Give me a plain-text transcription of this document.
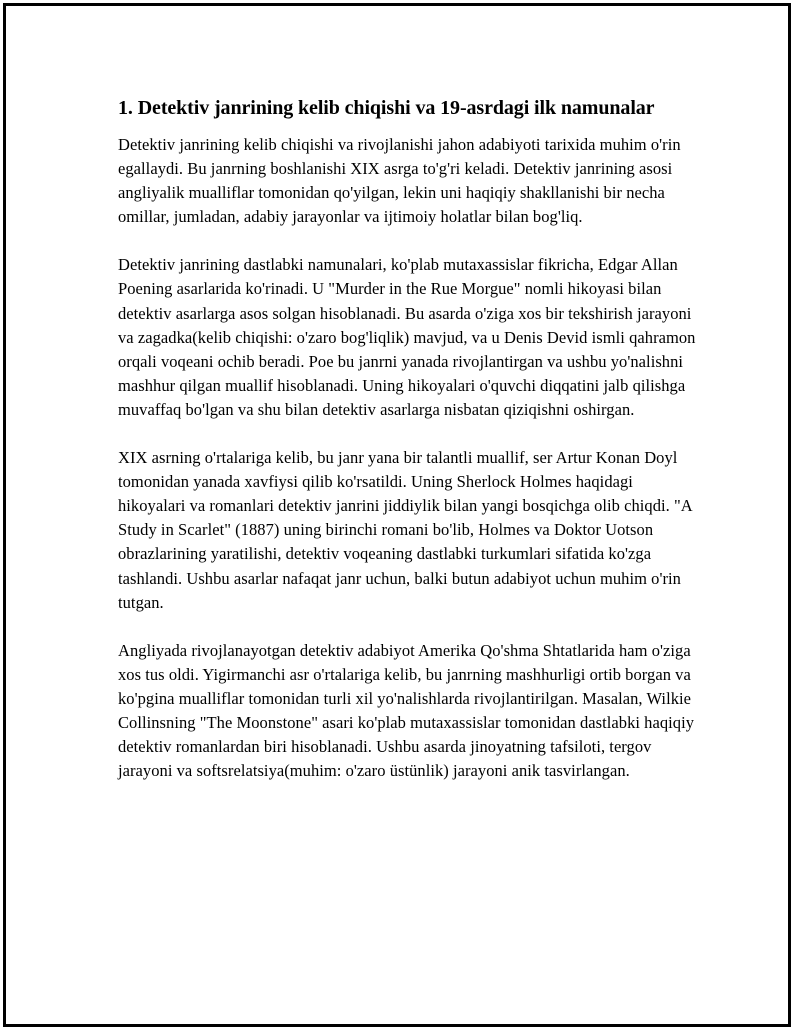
1. Detektiv janrining kelib chiqishi va 19-asrdagi ilk namunalar

Detektiv janrining kelib chiqishi va rivojlanishi jahon adabiyoti tarixida muhim o'rin egallaydi. Bu janrning boshlanishi XIX asrga to'g'ri keladi. Detektiv janrining asosi angliyalik mualliflar tomonidan qo'yilgan, lekin uni haqiqiy shakllanishi bir necha omillar, jumladan, adabiy jarayonlar va ijtimoiy holatlar bilan bog'liq.

Detektiv janrining dastlabki namunalari, ko'plab mutaxassislar fikricha, Edgar Allan Poening asarlarida ko'rinadi. U "Murder in the Rue Morgue" nomli hikoyasi bilan detektiv asarlarga asos solgan hisoblanadi. Bu asarda o'ziga xos bir tekshirish jarayoni va zagadka(kelib chiqishi: o'zaro bog'liqlik) mavjud, va u Denis Devid ismli qahramon orqali voqeani ochib beradi. Poe bu janrni yanada rivojlantirgan va ushbu yo'nalishni mashhur qilgan muallif hisoblanadi. Uning hikoyalari o'quvchi diqqatini jalb qilishga muvaffaq bo'lgan va shu bilan detektiv asarlarga nisbatan qiziqishni oshirgan.

XIX asrning o'rtalariga kelib, bu janr yana bir talantli muallif, ser Artur Konan Doyl tomonidan yanada xavfiysi qilib ko'rsatildi. Uning Sherlock Holmes haqidagi hikoyalari va romanlari detektiv janrini jiddiylik bilan yangi bosqichga olib chiqdi. "A Study in Scarlet" (1887) uning birinchi romani bo'lib, Holmes va Doktor Uotson obrazlarining yaratilishi, detektiv voqeaning dastlabki turkumlari sifatida ko'zga tashlandi. Ushbu asarlar nafaqat janr uchun, balki butun adabiyot uchun muhim o'rin tutgan.

Angliyada rivojlanayotgan detektiv adabiyot Amerika Qo'shma Shtatlarida ham o'ziga xos tus oldi. Yigirmanchi asr o'rtalariga kelib, bu janrning mashhurligi ortib borgan va ko'pgina mualliflar tomonidan turli xil yo'nalishlarda rivojlantirilgan. Masalan, Wilkie Collinsning "The Moonstone" asari ko'plab mutaxassislar tomonidan dastlabki haqiqiy detektiv romanlardan biri hisoblanadi. Ushbu asarda jinoyatning tafsiloti, tergov jarayoni va softsrelatsiya(muhim: o'zaro üstünlik) jarayoni anik tasvirlangan.
